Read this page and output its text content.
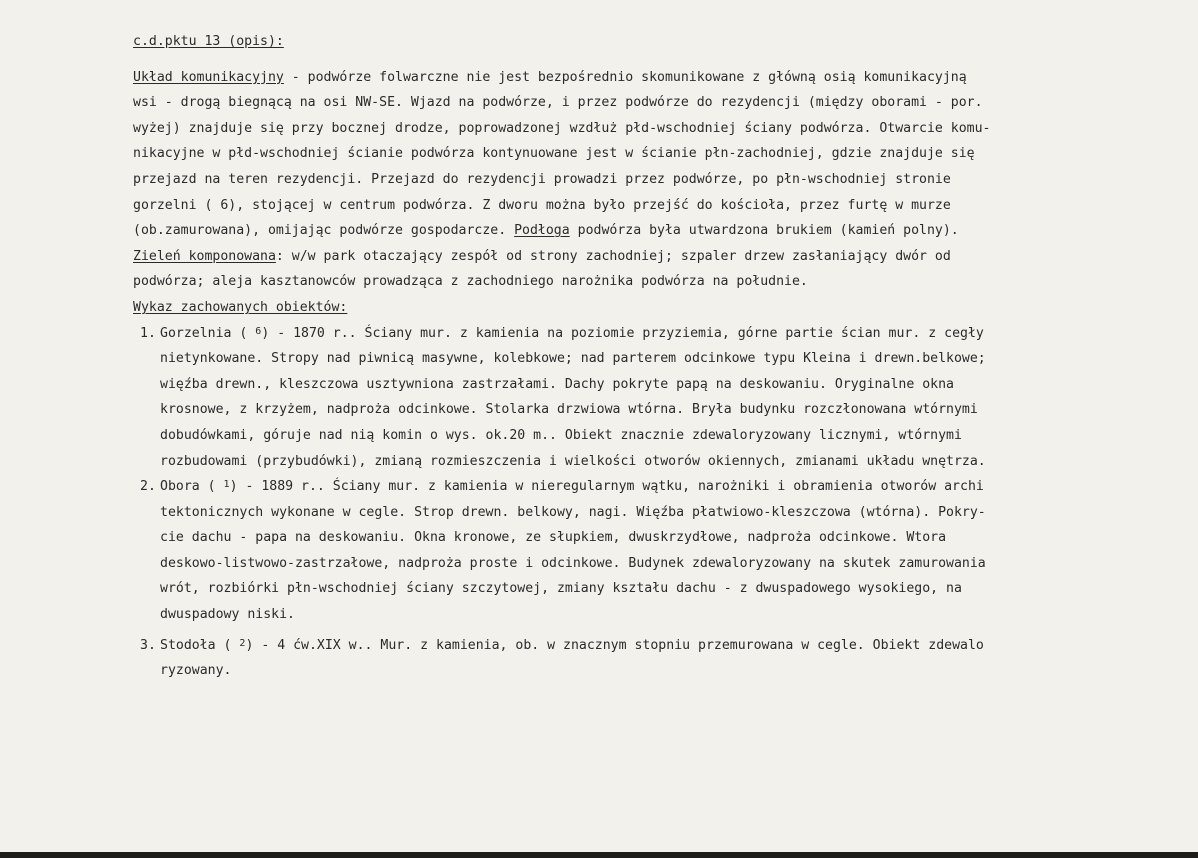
c.d.pktu 13 (opis):
Układ komunikacyjny - podwórze folwarczne nie jest bezpośrednio skomunikowane z główną osią komunikacyjną
wsi - drogą biegnącą na osi NW-SE. Wjazd na podwórze, i przez podwórze do rezydencji (między oborami - por.
wyżej) znajduje się przy bocznej drodze, poprowadzonej wzdłuż płd-wschodniej ściany podwórza. Otwarcie komu-
nikacyjne w płd-wschodniej ścianie podwórza kontynuowane jest w ścianie płn-zachodniej, gdzie znajduje się
przejazd na teren rezydencji. Przejazd do rezydencji prowadzi przez podwórze, po płn-wschodniej stronie
gorzelni ( 6), stojącej w centrum podwórza. Z dworu można było przejść do kościoła, przez furtę w murze
(ob.zamurowana), omijając podwórze gospodarcze. Podłoga podwórza była utwardzona brukiem (kamień polny).
Zieleń komponowana: w/w park otaczający zespół od strony zachodniej; szpaler drzew zasłaniający dwór od
podwórza; aleja kasztanowców prowadząca z zachodniego narożnika podwórza na południe.
Wykaz zachowanych obiektów:
1. Gorzelnia ( $^6$) - 1870 r.. Ściany mur. z kamienia na poziomie przyziemia, górne partie ścian mur. z cegły
nietynkowane. Stropy nad piwnicą masywne, kolebkowe; nad parterem odcinkowe typu Kleina i drewn.belkowe;
więźba drewn., kleszczowa usztywniona zastrzałami. Dachy pokryte papą na deskowaniu. Oryginalne okna
krosnowe, z krzyżem, nadproża odcinkowe. Stolarka drzwiowa wtórna. Bryła budynku rozczłonowana wtórnymi
dobudówkami, góruje nad nią komin o wys. ok.20 m.. Obiekt znacznie zdewaloryzowany licznymi, wtórnymi
rozbudowami (przybudówki), zmianą rozmieszczenia i wielkości otworów okiennych, zmianami układu wnętrza.
2. Obora ( $^1$) - 1889 r.. Ściany mur. z kamienia w nieregularnym wątku, narożniki i obramienia otworów archi
tektonicznych wykonane w cegle. Strop drewn. belkowy, nagi. Więźba płatwiowo-kleszczowa (wtórna). Pokry-
cie dachu - papa na deskowaniu. Okna kronowe, ze słupkiem, dwuskrzydłowe, nadproża odcinkowe. Wtora
deskowo-listwowo-zastrzałowe, nadproża proste i odcinkowe. Budynek zdewaloryzowany na skutek zamurowania
wrót, rozbiórki płn-wschodniej ściany szczytowej, zmiany kształu dachu - z dwuspadowego wysokiego, na
dwuspadowy niski.
3. Stodoła ( $^2$) - 4 ćw.XIX w.. Mur. z kamienia, ob. w znacznym stopniu przemurowana w cegle. Obiekt zdewalo
ryzowany.
